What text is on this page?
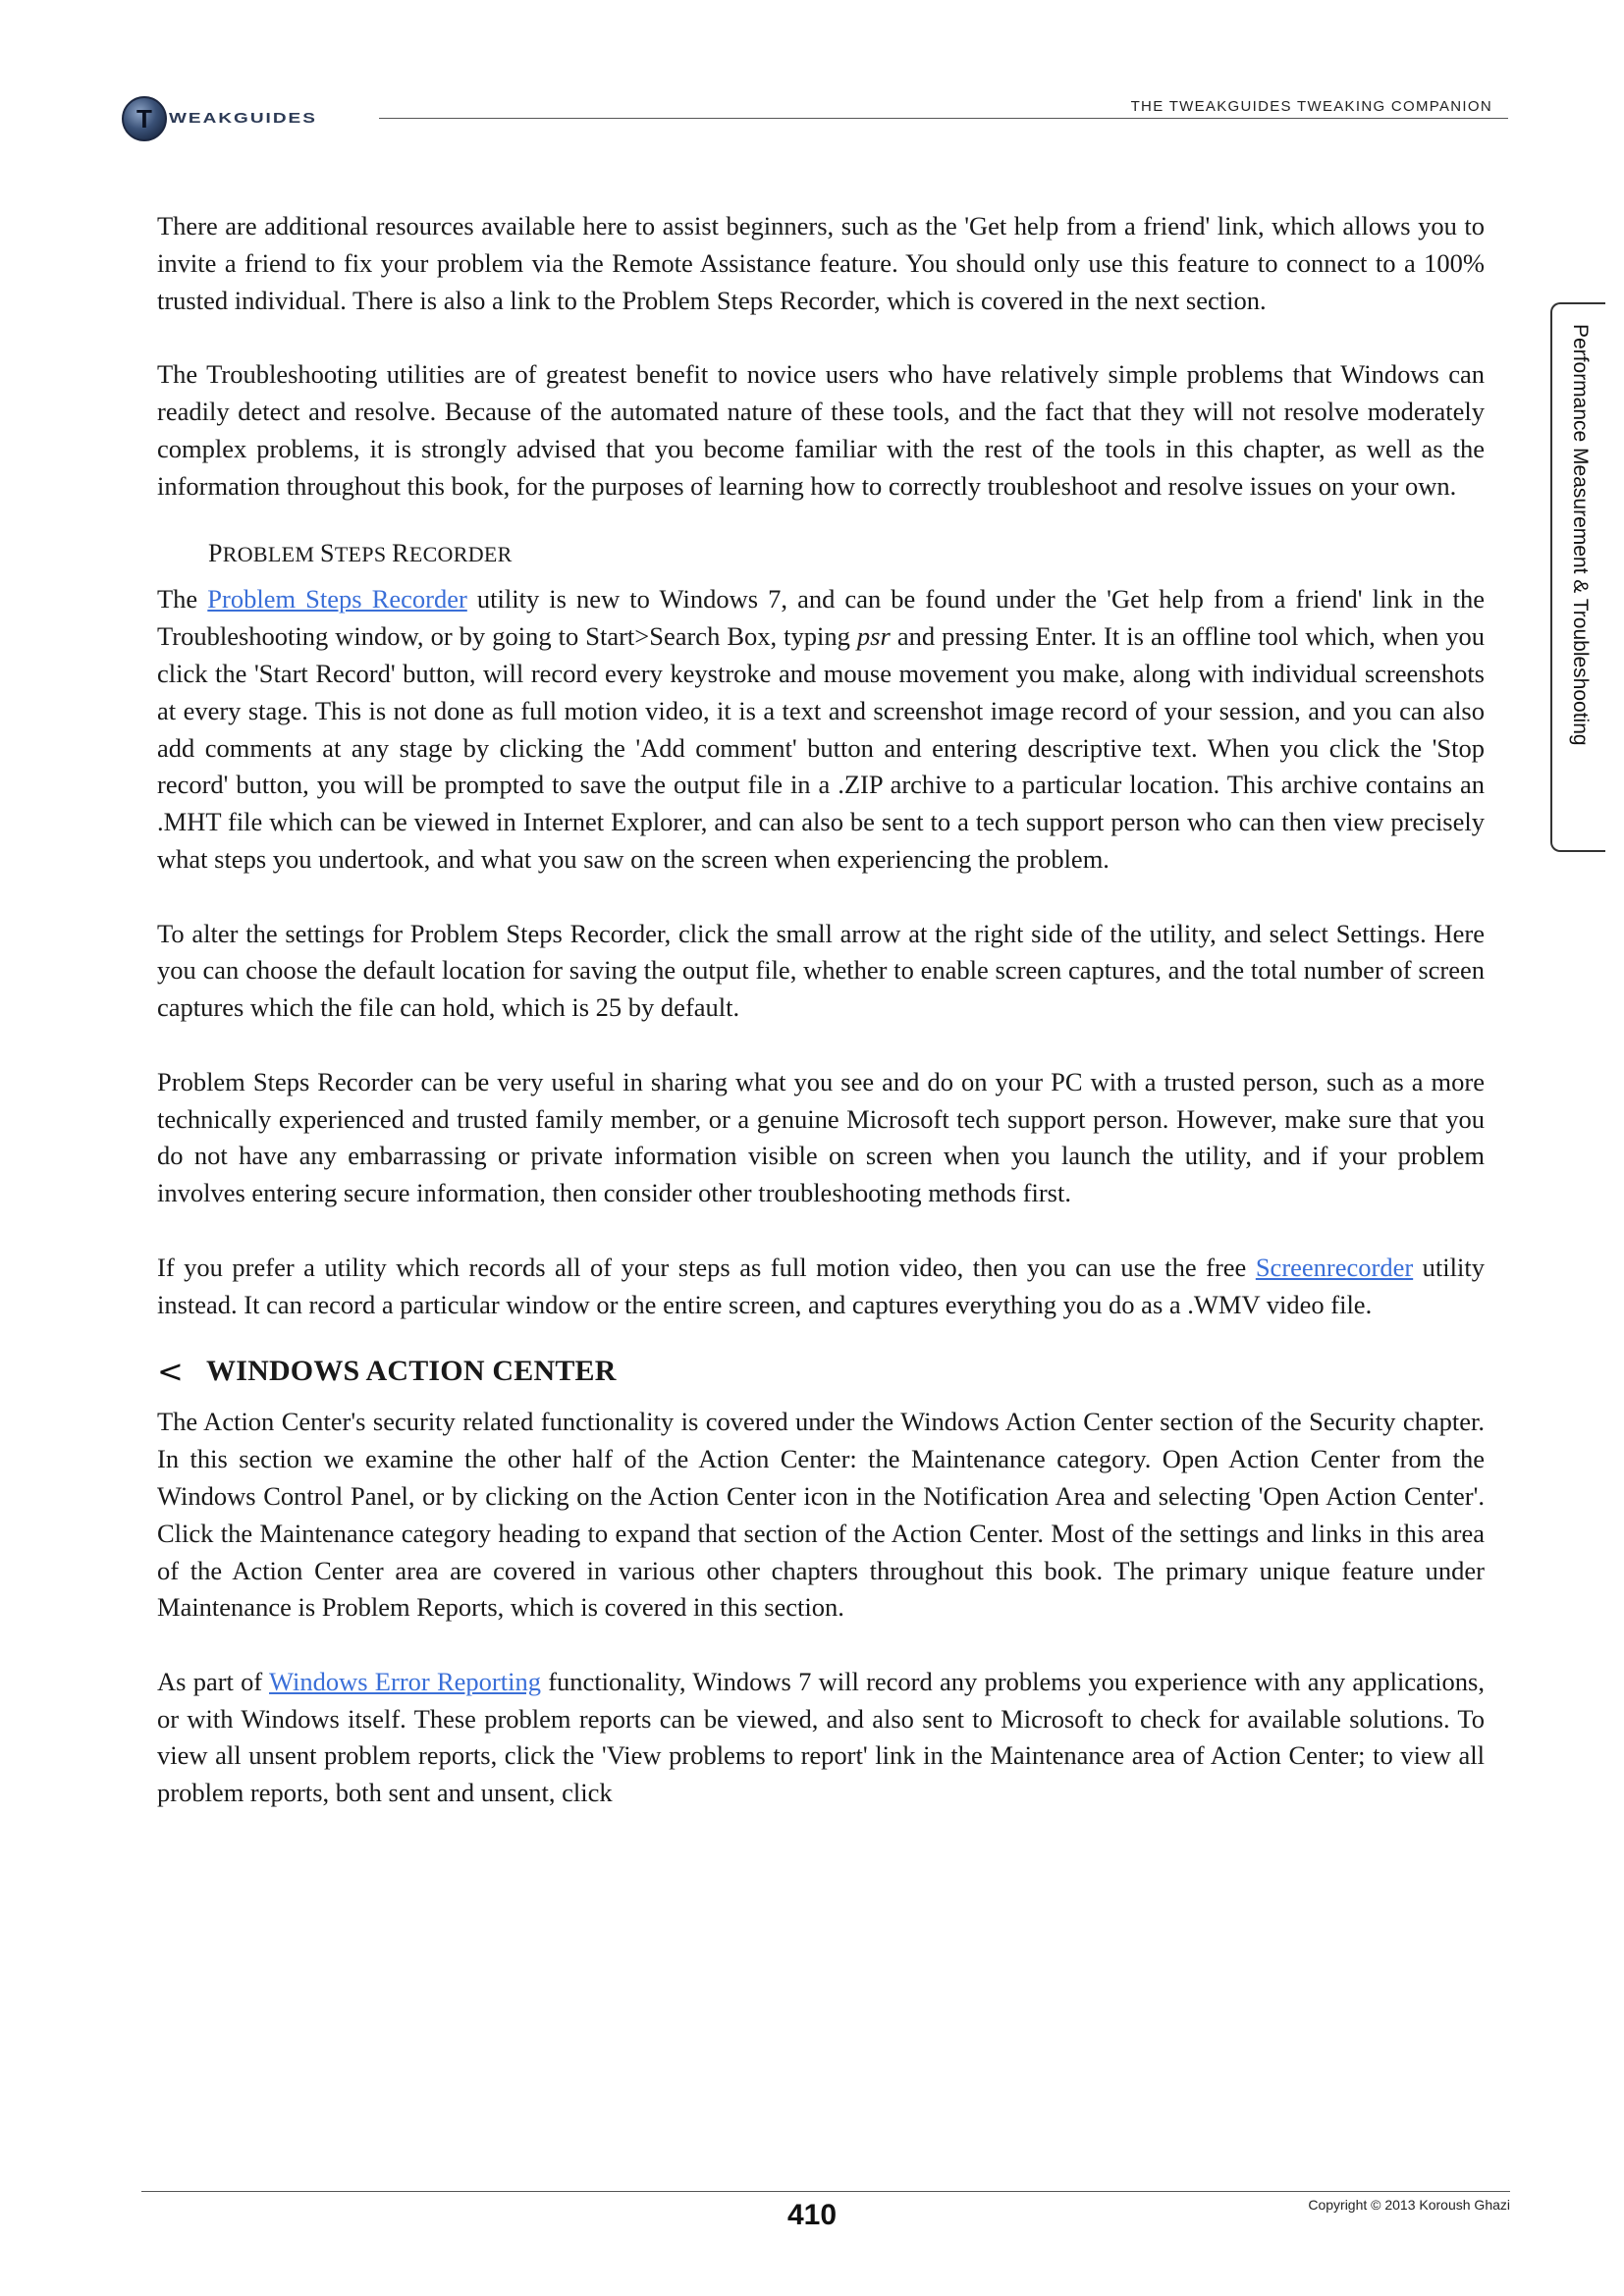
T WEAKGUIDES
THE TWEAKGUIDES TWEAKING COMPANION
Performance Measurement & Troubleshooting

There are additional resources available here to assist beginners, such as the 'Get help from a friend' link, which allows you to invite a friend to fix your problem via the Remote Assistance feature. You should only use this feature to connect to a 100% trusted individual. There is also a link to the Problem Steps Recorder, which is covered in the next section.

The Troubleshooting utilities are of greatest benefit to novice users who have relatively simple problems that Windows can readily detect and resolve. Because of the automated nature of these tools, and the fact that they will not resolve moderately complex problems, it is strongly advised that you become familiar with the rest of the tools in this chapter, as well as the information throughout this book, for the purposes of learning how to correctly troubleshoot and resolve issues on your own.

PROBLEM STEPS RECORDER

The Problem Steps Recorder utility is new to Windows 7, and can be found under the 'Get help from a friend' link in the Troubleshooting window, or by going to Start>Search Box, typing psr and pressing Enter. It is an offline tool which, when you click the 'Start Record' button, will record every keystroke and mouse movement you make, along with individual screenshots at every stage. This is not done as full motion video, it is a text and screenshot image record of your session, and you can also add comments at any stage by clicking the 'Add comment' button and entering descriptive text. When you click the 'Stop record' button, you will be prompted to save the output file in a .ZIP archive to a particular location. This archive contains an .MHT file which can be viewed in Internet Explorer, and can also be sent to a tech support person who can then view precisely what steps you undertook, and what you saw on the screen when experiencing the problem.

To alter the settings for Problem Steps Recorder, click the small arrow at the right side of the utility, and select Settings. Here you can choose the default location for saving the output file, whether to enable screen captures, and the total number of screen captures which the file can hold, which is 25 by default.

Problem Steps Recorder can be very useful in sharing what you see and do on your PC with a trusted person, such as a more technically experienced and trusted family member, or a genuine Microsoft tech support person. However, make sure that you do not have any embarrassing or private information visible on screen when you launch the utility, and if your problem involves entering secure information, then consider other troubleshooting methods first.

If you prefer a utility which records all of your steps as full motion video, then you can use the free Screenrecorder utility instead. It can record a particular window or the entire screen, and captures everything you do as a .WMV video file.

< WINDOWS ACTION CENTER

The Action Center's security related functionality is covered under the Windows Action Center section of the Security chapter. In this section we examine the other half of the Action Center: the Maintenance category. Open Action Center from the Windows Control Panel, or by clicking on the Action Center icon in the Notification Area and selecting 'Open Action Center'. Click the Maintenance category heading to expand that section of the Action Center. Most of the settings and links in this area of the Action Center area are covered in various other chapters throughout this book. The primary unique feature under Maintenance is Problem Reports, which is covered in this section.

As part of Windows Error Reporting functionality, Windows 7 will record any problems you experience with any applications, or with Windows itself. These problem reports can be viewed, and also sent to Microsoft to check for available solutions. To view all unsent problem reports, click the 'View problems to report' link in the Maintenance area of Action Center; to view all problem reports, both sent and unsent, click

Copyright © 2013 Koroush Ghazi
410
